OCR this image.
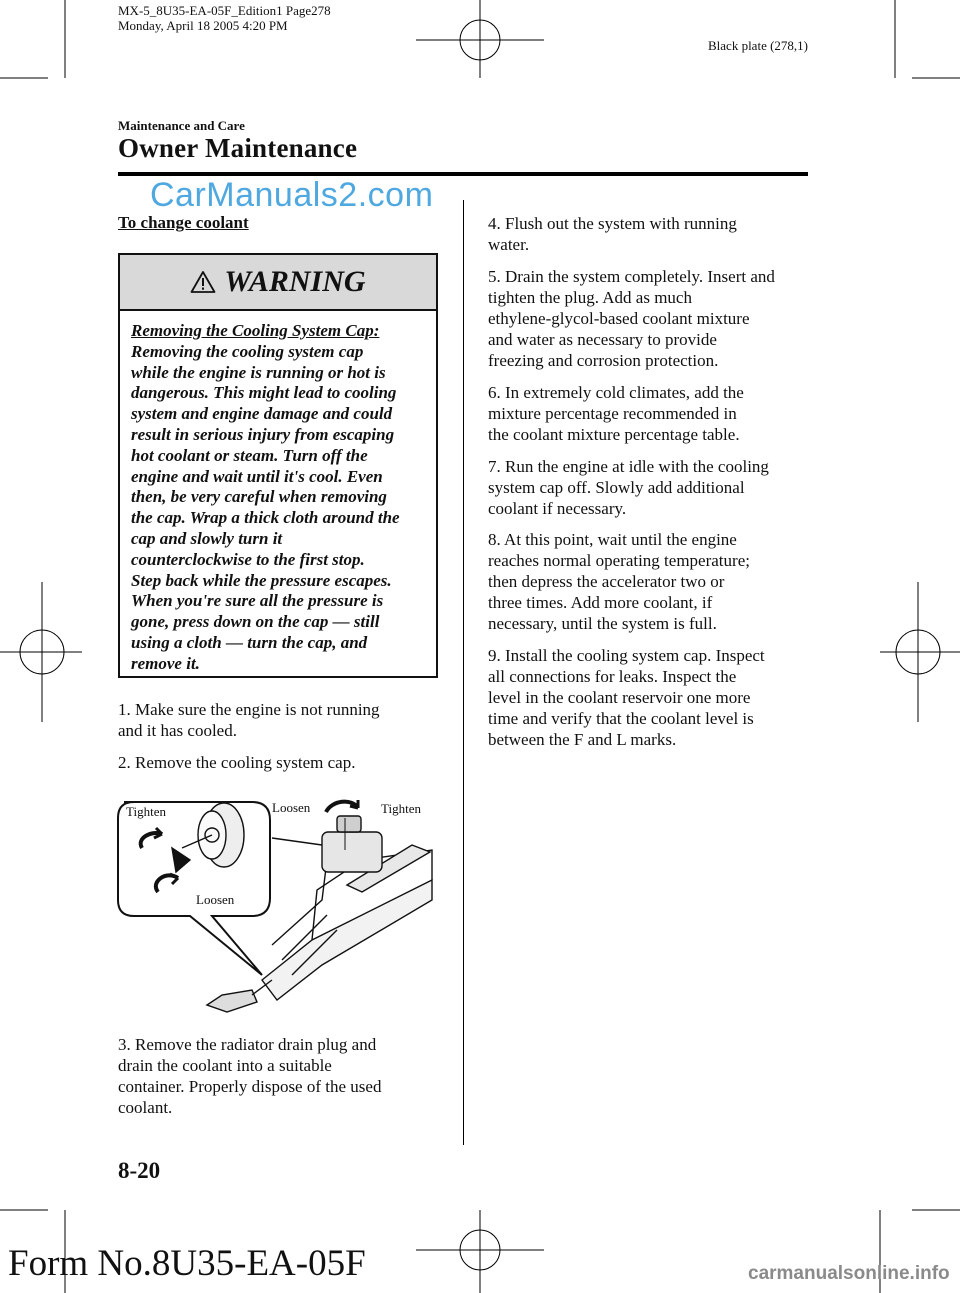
MX-5_8U35-EA-05F_Edition1 Page278
Monday, April 18 2005 4:20 PM
Black plate (278,1)
Maintenance and Care
Owner Maintenance
CarManuals2.com
To change coolant
WARNING
Removing the Cooling System Cap:
Removing the cooling system cap
while the engine is running or hot is
dangerous. This might lead to cooling
system and engine damage and could
result in serious injury from escaping
hot coolant or steam. Turn off the
engine and wait until it's cool. Even
then, be very careful when removing
the cap. Wrap a thick cloth around the
cap and slowly turn it
counterclockwise to the first stop.
Step back while the pressure escapes.
When you're sure all the pressure is
gone, press down on the cap — still
using a cloth — turn the cap, and
remove it.
1. Make sure the engine is not running
and it has cooled.
2. Remove the cooling system cap.
3. Remove the radiator drain plug and
drain the coolant into a suitable
container. Properly dispose of the used
coolant.
Tighten
Loosen
Loosen	Tighten
4. Flush out the system with running
water.
5. Drain the system completely. Insert and
tighten the plug. Add as much
ethylene-glycol-based coolant mixture
and water as necessary to provide
freezing and corrosion protection.
6. In extremely cold climates, add the
mixture percentage recommended in
the coolant mixture percentage table.
7. Run the engine at idle with the cooling
system cap off. Slowly add additional
coolant if necessary.
8. At this point, wait until the engine
reaches normal operating temperature;
then depress the accelerator two or
three times. Add more coolant, if
necessary, until the system is full.
9. Install the cooling system cap. Inspect
all connections for leaks. Inspect the
level in the coolant reservoir one more
time and verify that the coolant level is
between the F and L marks.
8-20
Form No.8U35-EA-05F	carmanualsonline.info
